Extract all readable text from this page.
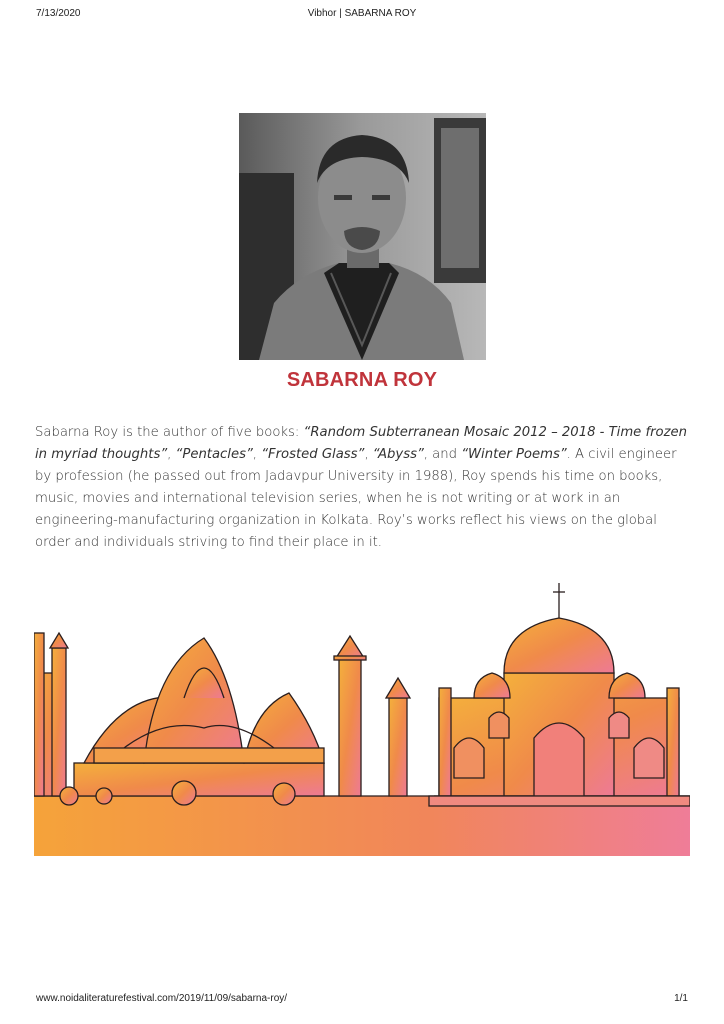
7/13/2020	Vibhor | SABARNA ROY
SABARNA ROY

Sabarna Roy is the author of five books: “Random Subterranean Mosaic 2012 – 2018 - Time frozen in myriad thoughts”, “Pentacles”, “Frosted Glass”, “Abyss”, and “Winter Poems”. A civil engineer by profession (he passed out from Jadavpur University in 1988), Roy spends his time on books, music, movies and international television series, when he is not writing or at work in an engineering-manufacturing organization in Kolkata. Roy’s works reflect his views on the global order and individuals striving to find their place in it.

www.noidaliteraturefestival.com/2019/11/09/sabarna-roy/	1/1
